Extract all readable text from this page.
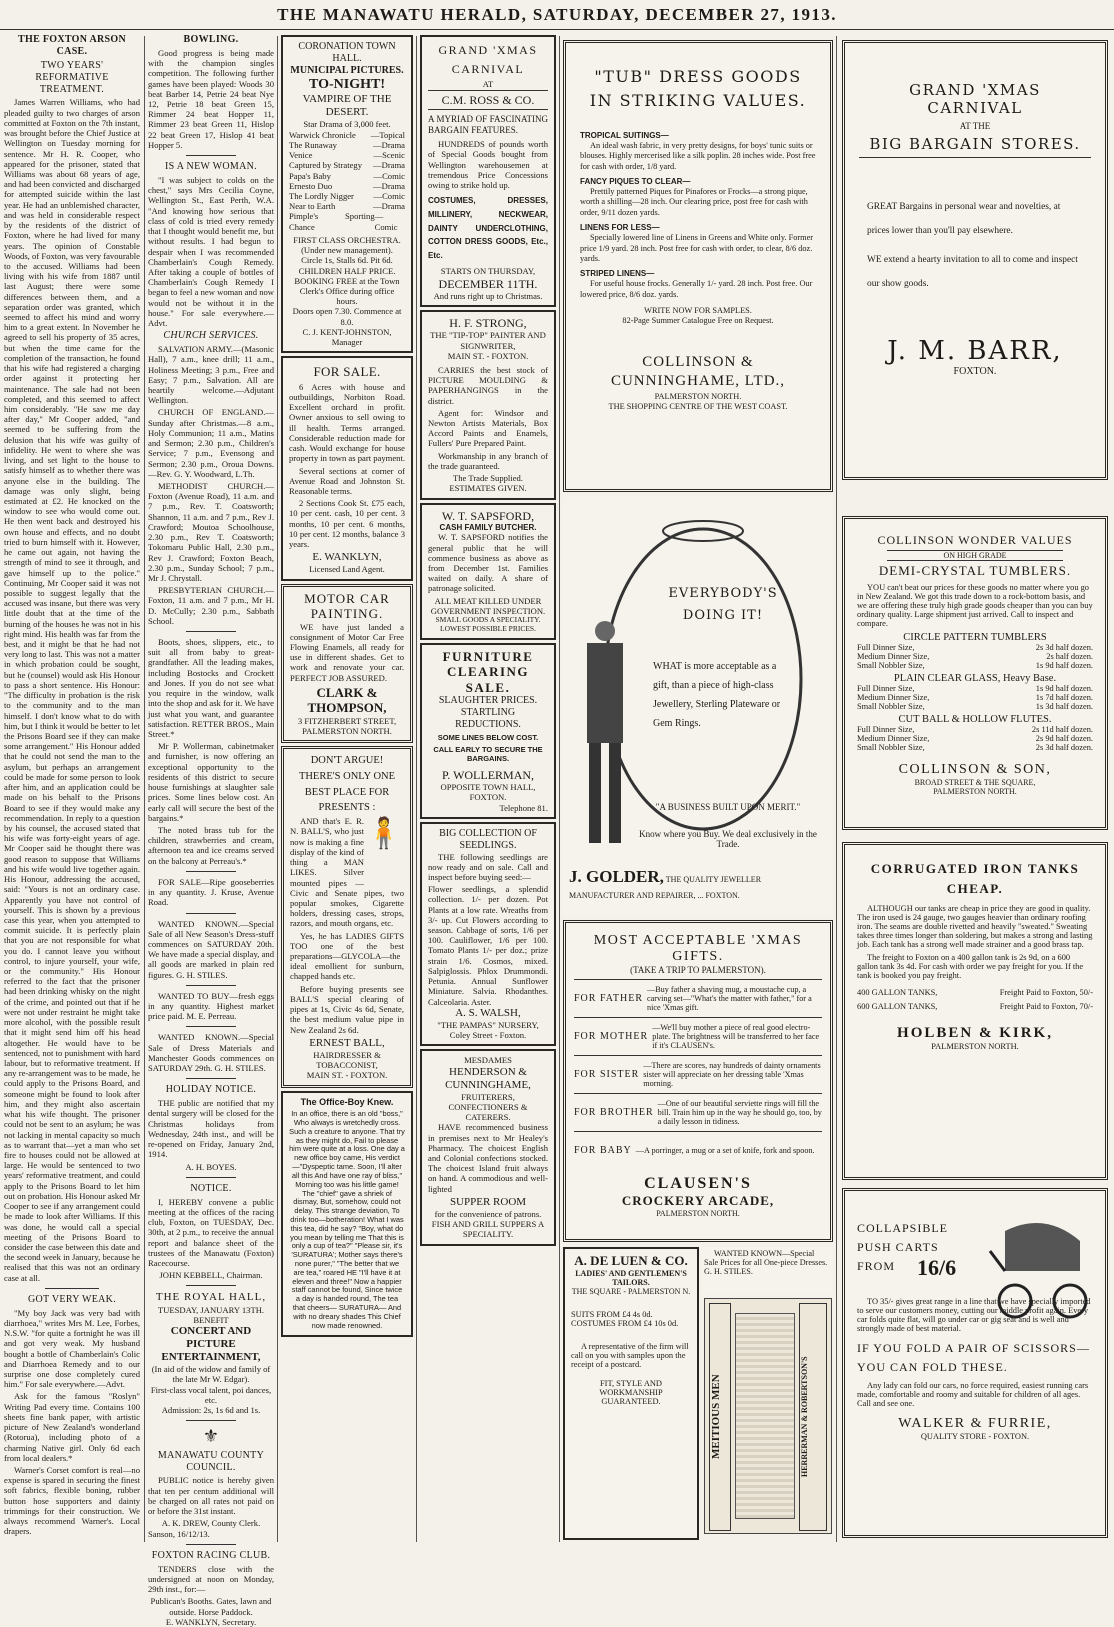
THE MANAWATU HERALD, SATURDAY, DECEMBER 27, 1913.
THE FOXTON ARSON CASE.
TWO YEARS' REFORMATIVE TREATMENT.

James Warren Williams, who had pleaded guilty to two charges of arson committed at Foxton on the 7th instant, was brought before the Chief Justice at Wellington on Tuesday morning for sentence. Mr H. R. Cooper, who appeared for the prisoner, stated that Williams was about 68 years of age, and had been convicted and discharged for attempted suicide within the last year. He had an unblemished character, and was held in considerable respect by the residents of the district of Foxton, where he had lived for many years. The opinion of Constable Woods, of Foxton, was very favourable to the accused. Williams had been living with his wife from 1887 until last August; there were some differences between them, and a separation order was granted, which seemed to affect his mind and worry him to a great extent. In November he agreed to sell his property of 35 acres, but when the time came for the completion of the transaction, he found that his wife had registered a charging order against it protecting her maintenance. The sale had not been completed, and this seemed to affect him considerably. "He saw me day after day," Mr Cooper added, "and seemed to be suffering from the delusion that his wife was guilty of infidelity. He went to where she was living, and set light to the house to satisfy himself as to whether there was anyone else in the building. The damage was only slight, being estimated at £2. He knocked on the window to see who would come out. He then went back and destroyed his own house and effects, and no doubt tried to burn himself with it. However, he came out again, not having the strength of mind to see it through, and gave himself up to the police." Continuing, Mr Cooper said it was not possible to suggest legally that the accused was insane, but there was very little doubt that at the time of the burning of the houses he was not in his right mind. His health was far from the best, and it might be that he had not very long to last. This was not a matter in which probation could be sought, but he (counsel) would ask His Honour to pass a short sentence. His Honour: "The difficulty in probation is the risk to the community and to the man himself. I don't know what to do with him, but I think it would be better to let the Prisons Board see if they can make some arrangement." His Honour added that he could not send the man to the asylum, but perhaps an arrangement could be made for some person to look after him, and an application could be made on his behalf to the Prisons Board to see if they would make any recommendation. In reply to a question by his counsel, the accused stated that his wife was forty-eight years of age. Mr Cooper said he thought there was good reason to suppose that Williams and his wife would live together again. His Honour, addressing the accused, said: "Yours is not an ordinary case. Apparently you have not control of yourself. This is shown by a previous case this year, when you attempted to commit suicide. It is perfectly plain that you are not responsible for what you do. I cannot leave you without control, to injure yourself, your wife, or the community." His Honour referred to the fact that the prisoner had been drinking whisky on the night of the crime, and pointed out that if he were not under restraint he might take more alcohol, with the possible result that it might send him off his head altogether. He would have to be sentenced, not to punishment with hard labour, but to reformative treatment. If any re-arrangement was to be made, he could apply to the Prisons Board, and someone might be found to look after him, and they might also ascertain what his wife thought. The prisoner could not be sent to an asylum; he was not lacking in mental capacity so much as to warrant that—yet a man who set fire to houses could not be allowed at large. He would be sentenced to two years' reformative treatment, and could apply to the Prisons Board to let him out on probation. His Honour asked Mr Cooper to see if any arrangement could be made to look after Williams. If this was done, he would call a special meeting of the Prisons Board to consider the case between this date and the second week in January, because he realised that this was not an ordinary case at all.

GOT VERY WEAK.

"My boy Jack was very bad with diarrhoea," writes Mrs M. Lee, Forbes, N.S.W. "for quite a fortnight he was ill and got very weak. My husband bought a bottle of Chamberlain's Colic and Diarrhoea Remedy and to our surprise one dose completely cured him." For sale everywhere.—Advt.

Ask for the famous "Roslyn" Writing Pad every time. Contains 100 sheets fine bank paper, with artistic picture of New Zealand's wonderland (Rotorua), including photo of a charming Native girl. Only 6d each from local dealers.*

Warner's Corset comfort is real—no expense is spared in securing the finest soft fabrics, flexible boning, rubber button hose supporters and dainty trimmings for their construction. We always recommend Warner's. Local drapers.

BOWLING.

Good progress is being made with the champion singles competition. The following further games have been played: Woods 30 beat Barber 14, Petrie 24 beat Nye 12, Petrie 18 beat Green 15, Rimmer 24 beat Hopper 11, Rimmer 23 beat Green 11, Hislop 22 beat Green 17, Hislop 41 beat Hopper 5.

IS A NEW WOMAN.

"I was subject to colds on the chest," says Mrs Cecilia Coyne, Wellington St., East Perth, W.A. "And knowing how serious that class of cold is tried every remedy that I thought would benefit me, but without results. I had begun to despair when I was recommended Chamberlain's Cough Remedy. After taking a couple of bottles of Chamberlain's Cough Remedy I began to feel a new woman and now would not be without it in the house." For sale everywhere.—Advt.

CHURCH SERVICES.

SALVATION ARMY.—(Masonic Hall), 7 a.m., knee drill; 11 a.m., Holiness Meeting; 3 p.m., Free and Easy; 7 p.m., Salvation. All are heartily welcome.—Adjutant Wellington.

CHURCH OF ENGLAND.—Sunday after Christmas.—8 a.m., Holy Communion; 11 a.m., Matins and Sermon; 2.30 p.m., Children's Service; 7 p.m., Evensong and Sermon; 2.30 p.m., Oroua Downs.—Rev. G. Y. Woodward, L.Th.

METHODIST CHURCH.—Foxton (Avenue Road), 11 a.m. and 7 p.m., Rev. T. Coatsworth; Shannon, 11 a.m. and 7 p.m., Rev J. Crawford; Moutoa Schoolhouse, 2.30 p.m., Rev T. Coatsworth; Tokomaru Public Hall, 2.30 p.m., Rev J. Crawford; Foxton Beach, 2.30 p.m., Sunday School; 7 p.m., Mr J. Chrystall.

PRESBYTERIAN CHURCH.—Foxton, 11 a.m. and 7 p.m., Mr H. D. McCully; 2.30 p.m., Sabbath School.

Boots, shoes, slippers, etc., to suit all from baby to great-grandfather. All the leading makes, including Bostocks and Crockett and Jones. If you do not see what you require in the window, walk into the shop and ask for it. We have just what you want, and guarantee satisfaction. RETTER BROS., Main Street.*

Mr P. Wollerman, cabinetmaker and furnisher, is now offering an exceptional opportunity to the residents of this district to secure house furnishings at slaughter sale prices. Some lines below cost. An early call will secure the best of the bargains.*

The noted brass tub for the children, strawberries and cream, afternoon tea and ice creams served on the balcony at Perreau's.*

FOR SALE—Ripe gooseberries in any quantity. J. Kruse, Avenue Road.

WANTED KNOWN.—Special Sale of all New Season's Dress-stuff commences on SATURDAY 20th. We have made a special display, and all goods are marked in plain red figures. G. H. STILES.

WANTED TO BUY—fresh eggs in any quantity. Highest market price paid. M. E. Perreau.

WANTED KNOWN.—Special Sale of Dress Materials and Manchester Goods commences on SATURDAY 29th. G. H. STILES.

HOLIDAY NOTICE.

THE public are notified that my dental surgery will be closed for the Christmas holidays from Wednesday, 24th inst., and will be re-opened on Friday, January 2nd, 1914.

A. H. BOYES.
NOTICE.

I, HEREBY convene a public meeting at the offices of the racing club, Foxton, on TUESDAY, Dec. 30th, at 2 p.m., to receive the annual report and balance sheet of the trustees of the Manawatu (Foxton) Racecourse.

JOHN KEBBELL, Chairman.
THE ROYAL HALL,
TUESDAY, JANUARY 13TH.
BENEFIT
CONCERT AND PICTURE ENTERTAINMENT,
(In aid of the widow and family of the late Mr W. Edgar).
First-class vocal talent, poi dances, etc.
Admission: 2s, 1s 6d and 1s.
⚜
MANAWATU COUNTY COUNCIL.

PUBLIC notice is hereby given that ten per centum additional will be charged on all rates not paid on or before the 31st instant.

A. K. DREW, County Clerk.
Sanson, 16/12/13.
FOXTON RACING CLUB.

TENDERS close with the undersigned at noon on Monday, 29th inst., for:—

Publican's Booths. Gates, lawn and outside. Horse Paddock.
E. WANKLYN, Secretary.
CORONATION TOWN HALL.
MUNICIPAL PICTURES.
TO-NIGHT!
VAMPIRE OF THE DESERT.
Star Drama of 3,000 feet.
Warwick Chronicle —Topical
The Runaway	—Drama
Venice	—Scenic
Captured by Strategy —Drama
Papa's Baby	—Comic
Ernesto Duo	—Drama
The Lordly Nigger —Comic
Near to Earth	—Drama
Pimple's Sporting Chance
—Comic
FIRST CLASS ORCHESTRA. (Under new management).
Circle 1s, Stalls 6d. Pit 6d. CHILDREN HALF PRICE. BOOKING FREE at the Town Clerk's Office during office hours.
Doors open 7.30. Commence at 8.0.
C. J. KENT-JOHNSTON, Manager
FOR SALE.

6 Acres with house and outbuildings, Norbiton Road. Excellent orchard in profit. Owner anxious to sell owing to ill health. Terms arranged. Considerable reduction made for cash. Would exchange for house property in town as part payment.

Several sections at corner of Avenue Road and Johnston St. Reasonable terms.

2 Sections Cook St. £75 each, 10 per cent. cash, 10 per cent. 3 months, 10 per cent. 6 months, 10 per cent. 12 months, balance 3 years.

E. WANKLYN,
Licensed Land Agent.
MOTOR CAR PAINTING.

WE have just landed a consignment of Motor Car Free Flowing Enamels, all ready for use in different shades. Get to work and renovate your car. PERFECT JOB ASSURED.

CLARK & THOMPSON,
3 FITZHERBERT STREET,
PALMERSTON NORTH.
DON'T ARGUE! THERE'S ONLY ONE BEST PLACE FOR PRESENTS :
🧍

AND that's E. R. N. BALL'S, who just now is making a fine display of the kind of thing a MAN LIKES. Silver mounted pipes — Civic and Senate pipes, two popular smokes, Cigarette holders, dressing cases, strops, razors, and mouth organs, etc.

Yes, he has LADIES GIFTS TOO one of the best preparations—GLYCOLA—the ideal emollient for sunburn, chapped hands etc.

Before buying presents see BALL'S special clearing of pipes at 1s, Civic 4s 6d, Senate, the best medium value pipe in New Zealand 2s 6d.

ERNEST BALL,
HAIRDRESSER & TOBACCONIST,
MAIN ST. - FOXTON.
The Office-Boy Knew.
In an office, there is an old "boss," Who always is wretchedly cross. Such a creature to anyone. That try as they might do, Fail to please him were quite at a loss. One day a new office boy came, His verdict—"Dyspeptic tame. Soon, I'll alter all this And have one ray of bliss," Morning too was his little game! The "chief" gave a shriek of dismay, But, somehow, could not delay. This strange deviation, To drink too—botheration! What I was this tea, did he say? "Boy, what do you mean by telling me That this is only a cup of tea?" "Please sir, it's 'SURATURA'; Mother says there's none purer," "The better that we are tea," roared HE "I'll have it at eleven and three!" Now a happier staff cannot be found, Since twice a day is handed round, The tea that cheers— SURATURA— And with no dreary shades This Chief now made renowned.
GRAND 'XMAS CARNIVAL
AT
C.M. ROSS & CO.
A MYRIAD OF FASCINATING BARGAIN FEATURES.

HUNDREDS of pounds worth of Special Goods bought from Wellington warehousemen at tremendous Price Concessions owing to strike hold up.

COSTUMES, DRESSES, MILLINERY, NECKWEAR, DAINTY UNDERCLOTHING, COTTON DRESS GOODS, Etc., Etc.
STARTS ON THURSDAY,
DECEMBER 11TH.
And runs right up to Christmas.
H. F. STRONG,
THE "TIP-TOP" PAINTER AND SIGNWRITER,
MAIN ST. - FOXTON.

CARRIES the best stock of PICTURE MOULDING & PAPERHANGINGS in the district.

Agent for: Windsor and Newton Artists Materials, Box Accord Paints and Enamels, Fullers' Pure Prepared Paint.

Workmanship in any branch of the trade guaranteed.

The Trade Supplied.
ESTIMATES GIVEN.
W. T. SAPSFORD,
CASH FAMILY BUTCHER.

W. T. SAPSFORD notifies the general public that he will commence business as above as from December 1st. Families waited on daily. A share of patronage solicited.

ALL MEAT KILLED UNDER GOVERNMENT INSPECTION.
SMALL GOODS A SPECIALITY. LOWEST POSSIBLE PRICES.
FURNITURE CLEARING SALE.
SLAUGHTER PRICES.
STARTLING REDUCTIONS.
SOME LINES BELOW COST.
CALL EARLY TO SECURE THE BARGAINS.
P. WOLLERMAN,
OPPOSITE TOWN HALL, FOXTON.
Telephone 81.
BIG COLLECTION OF SEEDLINGS.

THE following seedlings are now ready and on sale. Call and inspect before buying seed:—

Flower seedlings, a splendid collection. 1/- per dozen. Pot Plants at a low rate. Wreaths from 3/- up. Cut Flowers according to season. Cabbage of sorts, 1/6 per 100. Cauliflower, 1/6 per 100. Tomato Plants 1/- per doz.; prize strain 1/6. Cosmos, mixed. Salpiglossis. Phlox Drummondi. Petunia. Annual Sunflower Miniature. Salvia. Rhodanthes. Calceolaria. Aster.
A. S. WALSH,
"THE PAMPAS" NURSERY,
Coley Street - Foxton.
MESDAMES
HENDERSON & CUNNINGHAME,
FRUITERERS, CONFECTIONERS & CATERERS.

HAVE recommenced business in premises next to Mr Healey's Pharmacy. The choicest English and Colonial confections stocked. The choicest Island fruit always on hand. A commodious and well-lighted

SUPPER ROOM
for the convenience of patrons. FISH AND GRILL SUPPERS A SPECIALITY.
"TUB" DRESS GOODS IN STRIKING VALUES.
TROPICAL SUITINGS—

An ideal wash fabric, in very pretty designs, for boys' tunic suits or blouses. Highly mercerised like a silk poplin. 28 inches wide. Post free for cash with order, 1/8 yard.

FANCY PIQUES TO CLEAR—

Prettily patterned Piques for Pinafores or Frocks—a strong pique, worth a shilling—28 inch. Our clearing price, post free for cash with order, 9/11 dozen yards.

LINENS FOR LESS—

Specially lowered line of Linens in Greens and White only. Former price 1/9 yard. 28 inch. Post free for cash with order, to clear, 8/6 doz. yards.

STRIPED LINENS—

For useful house frocks. Generally 1/- yard. 28 inch. Post free. Our lowered price, 8/6 doz. yards.

WRITE NOW FOR SAMPLES.
82-Page Summer Catalogue Free on Request.
COLLINSON & CUNNINGHAME, LTD.,
PALMERSTON NORTH.
THE SHOPPING CENTRE OF THE WEST COAST.
EVERYBODY'S DOING IT!
WHAT is more acceptable as a gift, than a piece of high-class Jewellery, Sterling Plateware or Gem Rings.
"A BUSINESS BUILT UPON MERIT."
Know where you Buy. We deal exclusively in the Trade.
J. GOLDER, THE QUALITY JEWELLER
MANUFACTURER AND REPAIRER, ... FOXTON.
MOST ACCEPTABLE 'XMAS GIFTS.
(TAKE A TRIP TO PALMERSTON).
FOR FATHER
—Buy father a shaving mug, a moustache cup, a carving set—"What's the matter with father," for a nice 'Xmas gift.
FOR MOTHER
—We'll buy mother a piece of real good electro-plate. The brightness will be transferred to her face if it's CLAUSEN's.
FOR SISTER
—There are scores, nay hundreds of dainty ornaments sister will appreciate on her dressing table 'Xmas morning.
FOR BROTHER
—One of our beautiful serviette rings will fill the bill. Train him up in the way he should go, too, by a daily lesson in tidiness.
FOR BABY —A porringer, a mug or a set of knife, fork and spoon.
CLAUSEN'S
CROCKERY ARCADE,
PALMERSTON NORTH.
A. DE LUEN & CO.
LADIES' AND GENTLEMEN'S TAILORS.
THE SQUARE - PALMERSTON N.
SUITS FROM £4 4s 0d.
COSTUMES FROM £4 10s 0d.

A representative of the firm will call on you with samples upon the receipt of a postcard.

FIT, STYLE AND WORKMANSHIP GUARANTEED.

WANTED KNOWN—Special Sale Prices for all One-piece Dresses. G. H. STILES.

MEITIOUS MEN	HERRERMAN & ROBERTSON'S
GRAND 'XMAS CARNIVAL
AT THE
BIG BARGAIN STORES.
GREAT Bargains in personal wear and novelties, at prices lower than you'll pay elsewhere.
WE extend a hearty invitation to all to come and inspect our show goods.
J. M. BARR,
FOXTON.
COLLINSON WONDER VALUES
ON HIGH GRADE
DEMI-CRYSTAL TUMBLERS.

YOU can't beat our prices for these goods no matter where you go in New Zealand. We got this trade down to a rock-bottom basis, and we are offering these truly high grade goods cheaper than you can buy ordinary quality. Large shipment just arrived. Call to inspect and compare.

CIRCLE PATTERN TUMBLERS
Full Dinner Size,	2s 3d half dozen.
Medium Dinner Size,	2s half dozen.
Small Nobbler Size,	1s 9d half dozen.
PLAIN CLEAR GLASS, Heavy Base.
Full Dinner Size,	1s 9d half dozen.
Medium Dinner Size,	1s 7d half dozen.
Small Nobbler Size,	1s 3d half dozen.
CUT BALL & HOLLOW FLUTES.
Full Dinner Size,	2s 11d half dozen.
Medium Dinner Size,	2s 9d half dozen.
Small Nobbler Size,	2s 3d half dozen.
COLLINSON & SON,
BROAD STREET & THE SQUARE,
PALMERSTON NORTH.
CORRUGATED IRON TANKS CHEAP.

ALTHOUGH our tanks are cheap in price they are good in quality. The iron used is 24 gauge, two gauges heavier than ordinary roofing iron. The seams are double rivetted and heavily "sweated." Sweating takes three times longer than soldering, but makes a strong and lasting job. Each tank has a strong well made strainer and a good brass tap.

The freight to Foxton on a 400 gallon tank is 2s 9d, on a 600 gallon tank 3s 4d. For cash with order we pay freight for you. If the tank is booked you pay freight.

400 GALLON TANKS,	Freight Paid to Foxton, 50/-
600 GALLON TANKS,	Freight Paid to Foxton, 70/-
HOLBEN & KIRK,
PALMERSTON NORTH.
COLLAPSIBLE PUSH CARTS FROM 16/6

TO 35/- gives great range in a line that we have specially imported to serve our customers money, cutting our middle profit again. Every car folds quite flat, will go under car or gig seat and is well and strongly made of best material.

IF YOU FOLD A PAIR OF SCISSORS—YOU CAN FOLD THESE.

Any lady can fold our cars, no force required, easiest running cars made, comfortable and roomy and suitable for children of all ages. Call and see one.

WALKER & FURRIE,
QUALITY STORE - FOXTON.
